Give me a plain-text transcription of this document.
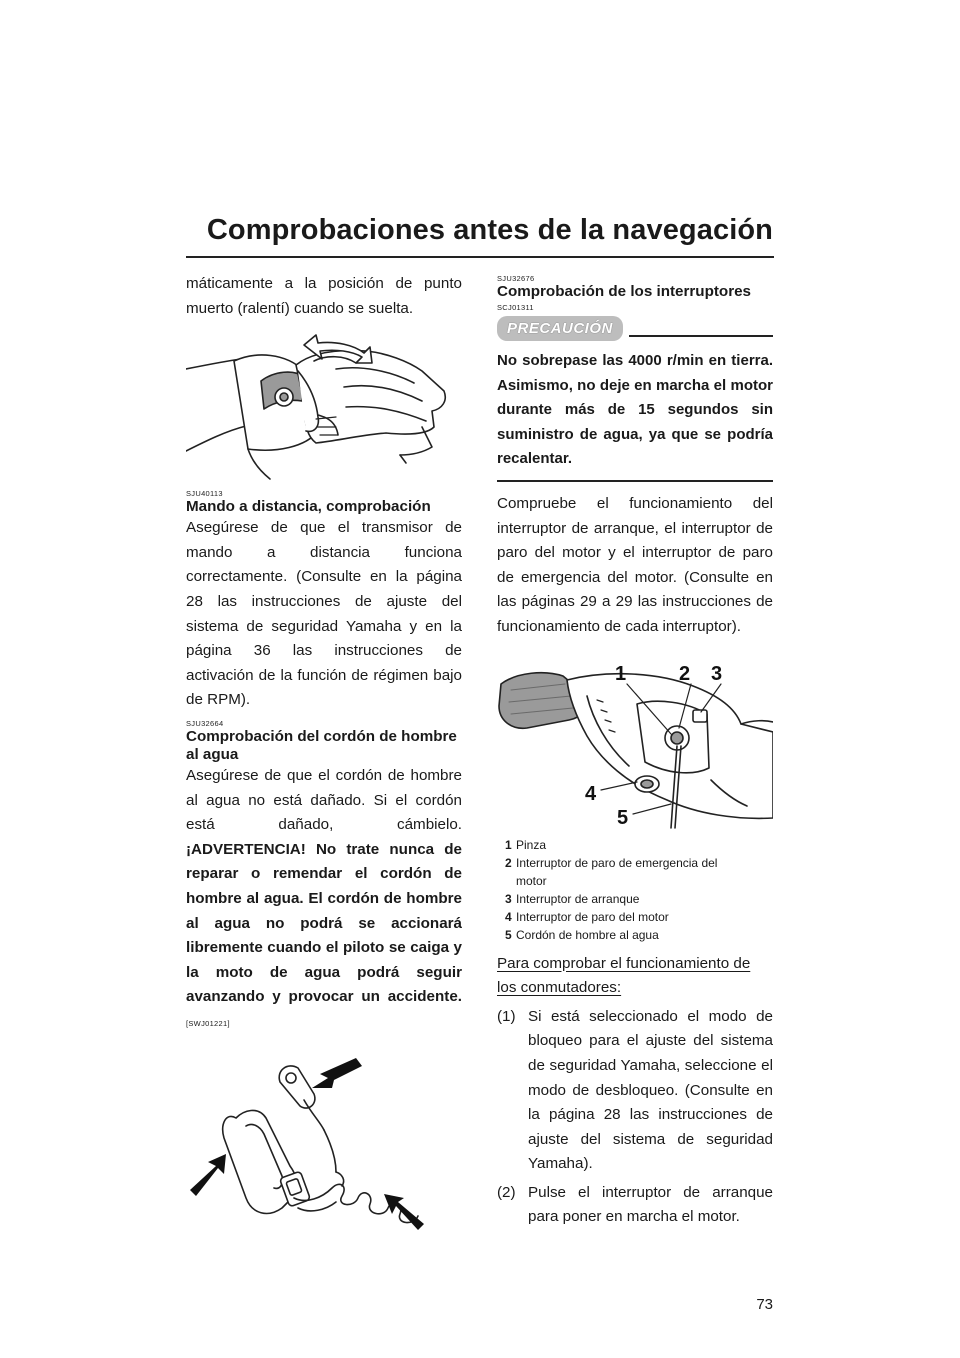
Comprobaciones antes de la navegación

máticamente a la posición de punto muerto (ralentí) cuando se suelta.

SJU40113
Mando a distancia, comprobación

Asegúrese de que el transmisor de mando a distancia funciona correctamente. (Consulte en la página 28 las instrucciones de ajuste del sistema de seguridad Yamaha y en la página 36 las instrucciones de activación de la función de régimen bajo de RPM).

SJU32664
Comprobación del cordón de hombre al agua

Asegúrese de que el cordón de hombre al agua no está dañado. Si el cordón está dañado, cámbielo. ¡ADVERTENCIA! No trate nunca de reparar o remendar el cordón de hombre al agua. El cordón de hombre al agua no podrá se accionará libremente cuando el piloto se caiga y la moto de agua podrá seguir avanzando y provocar un accidente.[SWJ01221]

SJU32676
Comprobación de los interruptores
SCJ01311
PRECAUCIÓN
No sobrepase las 4000 r/min en tierra. Asimismo, no deje en marcha el motor durante más de 15 segundos sin suministro de agua, ya que se podría recalentar.

Compruebe el funcionamiento del interruptor de arranque, el interruptor de paro del motor y el interruptor de paro de emergencia del motor. (Consulte en las páginas 29 a 29 las instrucciones de funcionamiento de cada interruptor).

1	2 3
4
5
1 Pinza
2 Interruptor de paro de emergencia del motor
3 Interruptor de arranque
4 Interruptor de paro del motor
5 Cordón de hombre al agua

Para comprobar el funcionamiento de los conmutadores:

(1) Si está seleccionado el modo de bloqueo para el ajuste del sistema de seguridad Yamaha, seleccione el modo de desbloqueo. (Consulte en la página 28 las instrucciones de ajuste del sistema de seguridad Yamaha).
(2) Pulse el interruptor de arranque para poner en marcha el motor.
73
